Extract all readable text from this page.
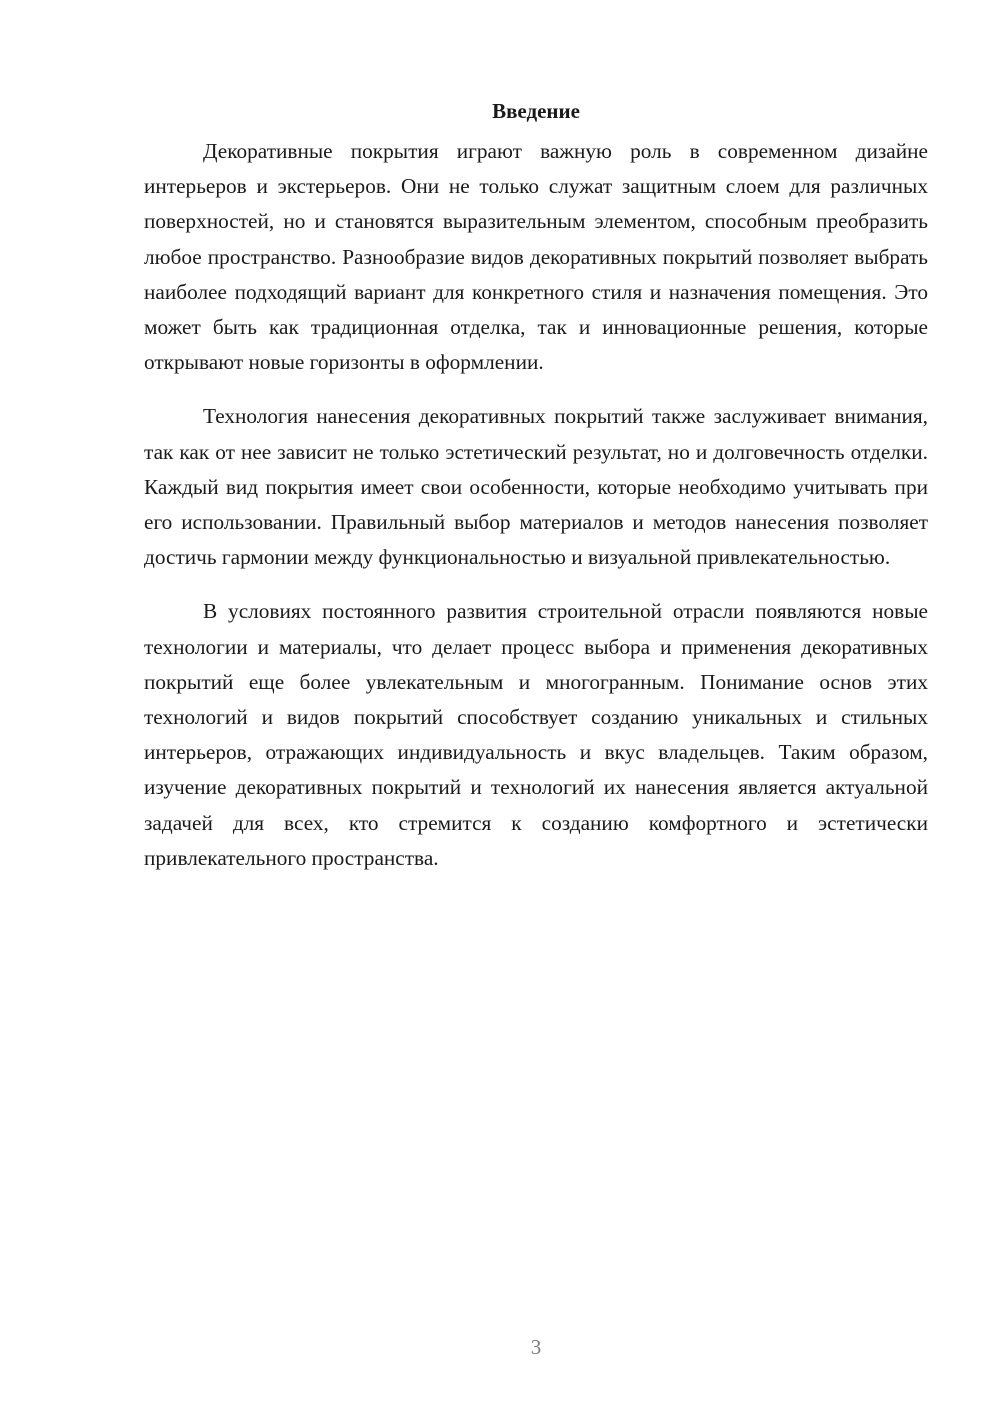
Введение

Декоративные покрытия играют важную роль в современном дизайне интерьеров и экстерьеров. Они не только служат защитным слоем для различных поверхностей, но и становятся выразительным элементом, способным преобразить любое пространство. Разнообразие видов декоративных покрытий позволяет выбрать наиболее подходящий вариант для конкретного стиля и назначения помещения. Это может быть как традиционная отделка, так и инновационные решения, которые открывают новые горизонты в оформлении.

Технология нанесения декоративных покрытий также заслуживает внимания, так как от нее зависит не только эстетический результат, но и долговечность отделки. Каждый вид покрытия имеет свои особенности, которые необходимо учитывать при его использовании. Правильный выбор материалов и методов нанесения позволяет достичь гармонии между функциональностью и визуальной привлекательностью.

В условиях постоянного развития строительной отрасли появляются новые технологии и материалы, что делает процесс выбора и применения декоративных покрытий еще более увлекательным и многогранным. Понимание основ этих технологий и видов покрытий способствует созданию уникальных и стильных интерьеров, отражающих индивидуальность и вкус владельцев. Таким образом, изучение декоративных покрытий и технологий их нанесения является актуальной задачей для всех, кто стремится к созданию комфортного и эстетически привлекательного пространства.

3
